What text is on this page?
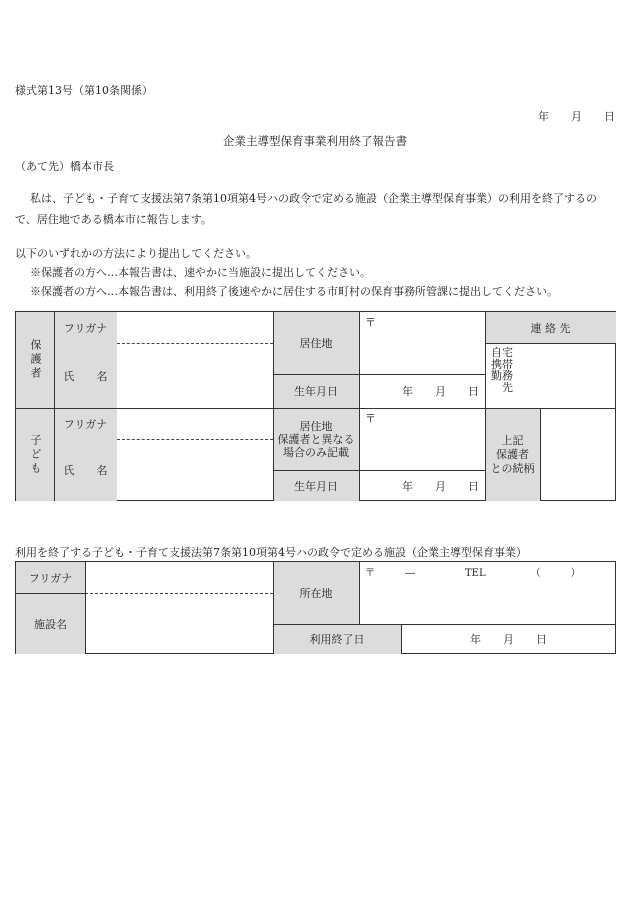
様式第13号（第10条関係）
年　　月　　日
企業主導型保育事業利用終了報告書
（あて先）橋本市長
私は、子ども・子育て支援法第7条第10項第4号ハの政令で定める施設（企業主導型保育事業）の利用を終了するので、居住地である橋本市に報告します。
以下のいずれかの方法により提出してください。
※保護者の方へ…本報告書は、速やかに当施設に提出してください。
※保護者の方へ…本報告書は、利用終了後速やかに居住する市町村の保育事務所管課に提出してください。
保護者
子ども
フリガナ
氏　　名
フリガナ
氏　　名
居住地
生年月日
居住地
保護者と異なる
場合のみ記載
生年月日
〒
年　　月　　日
〒
年　　月　　日
連 絡 先
自宅
携帯
勤務
　先
上記
保護者
との続柄
利用を終了する子ども・子育て支援法第7条第10項第4号ハの政令で定める施設（企業主導型保育事業）
フリガナ
施設名
所在地
〒　　　―　　　　　TEL　　　　　（　　　）
利用終了日	年　　月　　日
